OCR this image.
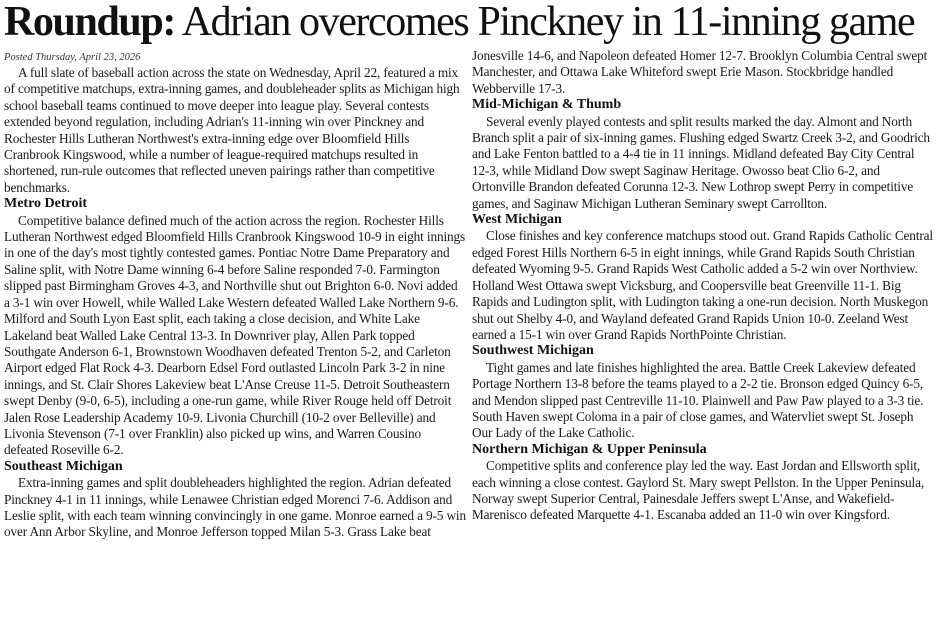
Roundup: Adrian overcomes Pinckney in 11-inning game
Posted Thursday, April 23, 2026

A full slate of baseball action across the state on Wednesday, April 22, featured a mix of competitive matchups, extra-inning games, and doubleheader splits as Michigan high school baseball teams continued to move deeper into league play. Several contests extended beyond regulation, including Adrian's 11-inning win over Pinckney and Rochester Hills Lutheran Northwest's extra-inning edge over Bloomfield Hills Cranbrook Kingswood, while a number of league-required matchups resulted in shortened, run-rule outcomes that reflected uneven pairings rather than competitive benchmarks.

Metro Detroit

Competitive balance defined much of the action across the region. Rochester Hills Lutheran Northwest edged Bloomfield Hills Cranbrook Kingswood 10-9 in eight innings in one of the day's most tightly contested games. Pontiac Notre Dame Preparatory and Saline split, with Notre Dame winning 6-4 before Saline responded 7-0. Farmington slipped past Birmingham Groves 4-3, and Northville shut out Brighton 6-0. Novi added a 3-1 win over Howell, while Walled Lake Western defeated Walled Lake Northern 9-6. Milford and South Lyon East split, each taking a close decision, and White Lake Lakeland beat Walled Lake Central 13-3. In Downriver play, Allen Park topped Southgate Anderson 6-1, Brownstown Woodhaven defeated Trenton 5-2, and Carleton Airport edged Flat Rock 4-3. Dearborn Edsel Ford outlasted Lincoln Park 3-2 in nine innings, and St. Clair Shores Lakeview beat L'Anse Creuse 11-5. Detroit Southeastern swept Denby (9-0, 6-5), including a one-run game, while River Rouge held off Detroit Jalen Rose Leadership Academy 10-9. Livonia Churchill (10-2 over Belleville) and Livonia Stevenson (7-1 over Franklin) also picked up wins, and Warren Cousino defeated Roseville 6-2.

Southeast Michigan

Extra-inning games and split doubleheaders highlighted the region. Adrian defeated Pinckney 4-1 in 11 innings, while Lenawee Christian edged Morenci 7-6. Addison and Leslie split, with each team winning convincingly in one game. Monroe earned a 9-5 win over Ann Arbor Skyline, and Monroe Jefferson topped Milan 5-3. Grass Lake beat

Jonesville 14-6, and Napoleon defeated Homer 12-7. Brooklyn Columbia Central swept Manchester, and Ottawa Lake Whiteford swept Erie Mason. Stockbridge handled Webberville 17-3.

Mid-Michigan & Thumb

Several evenly played contests and split results marked the day. Almont and North Branch split a pair of six-inning games. Flushing edged Swartz Creek 3-2, and Goodrich and Lake Fenton battled to a 4-4 tie in 11 innings. Midland defeated Bay City Central 12-3, while Midland Dow swept Saginaw Heritage. Owosso beat Clio 6-2, and Ortonville Brandon defeated Corunna 12-3. New Lothrop swept Perry in competitive games, and Saginaw Michigan Lutheran Seminary swept Carrollton.

West Michigan

Close finishes and key conference matchups stood out. Grand Rapids Catholic Central edged Forest Hills Northern 6-5 in eight innings, while Grand Rapids South Christian defeated Wyoming 9-5. Grand Rapids West Catholic added a 5-2 win over Northview. Holland West Ottawa swept Vicksburg, and Coopersville beat Greenville 11-1. Big Rapids and Ludington split, with Ludington taking a one-run decision. North Muskegon shut out Shelby 4-0, and Wayland defeated Grand Rapids Union 10-0. Zeeland West earned a 15-1 win over Grand Rapids NorthPointe Christian.

Southwest Michigan

Tight games and late finishes highlighted the area. Battle Creek Lakeview defeated Portage Northern 13-8 before the teams played to a 2-2 tie. Bronson edged Quincy 6-5, and Mendon slipped past Centreville 11-10. Plainwell and Paw Paw played to a 3-3 tie. South Haven swept Coloma in a pair of close games, and Watervliet swept St. Joseph Our Lady of the Lake Catholic.

Northern Michigan & Upper Peninsula

Competitive splits and conference play led the way. East Jordan and Ellsworth split, each winning a close contest. Gaylord St. Mary swept Pellston. In the Upper Peninsula, Norway swept Superior Central, Painesdale Jeffers swept L'Anse, and Wakefield-Marenisco defeated Marquette 4-1. Escanaba added an 11-0 win over Kingsford.
